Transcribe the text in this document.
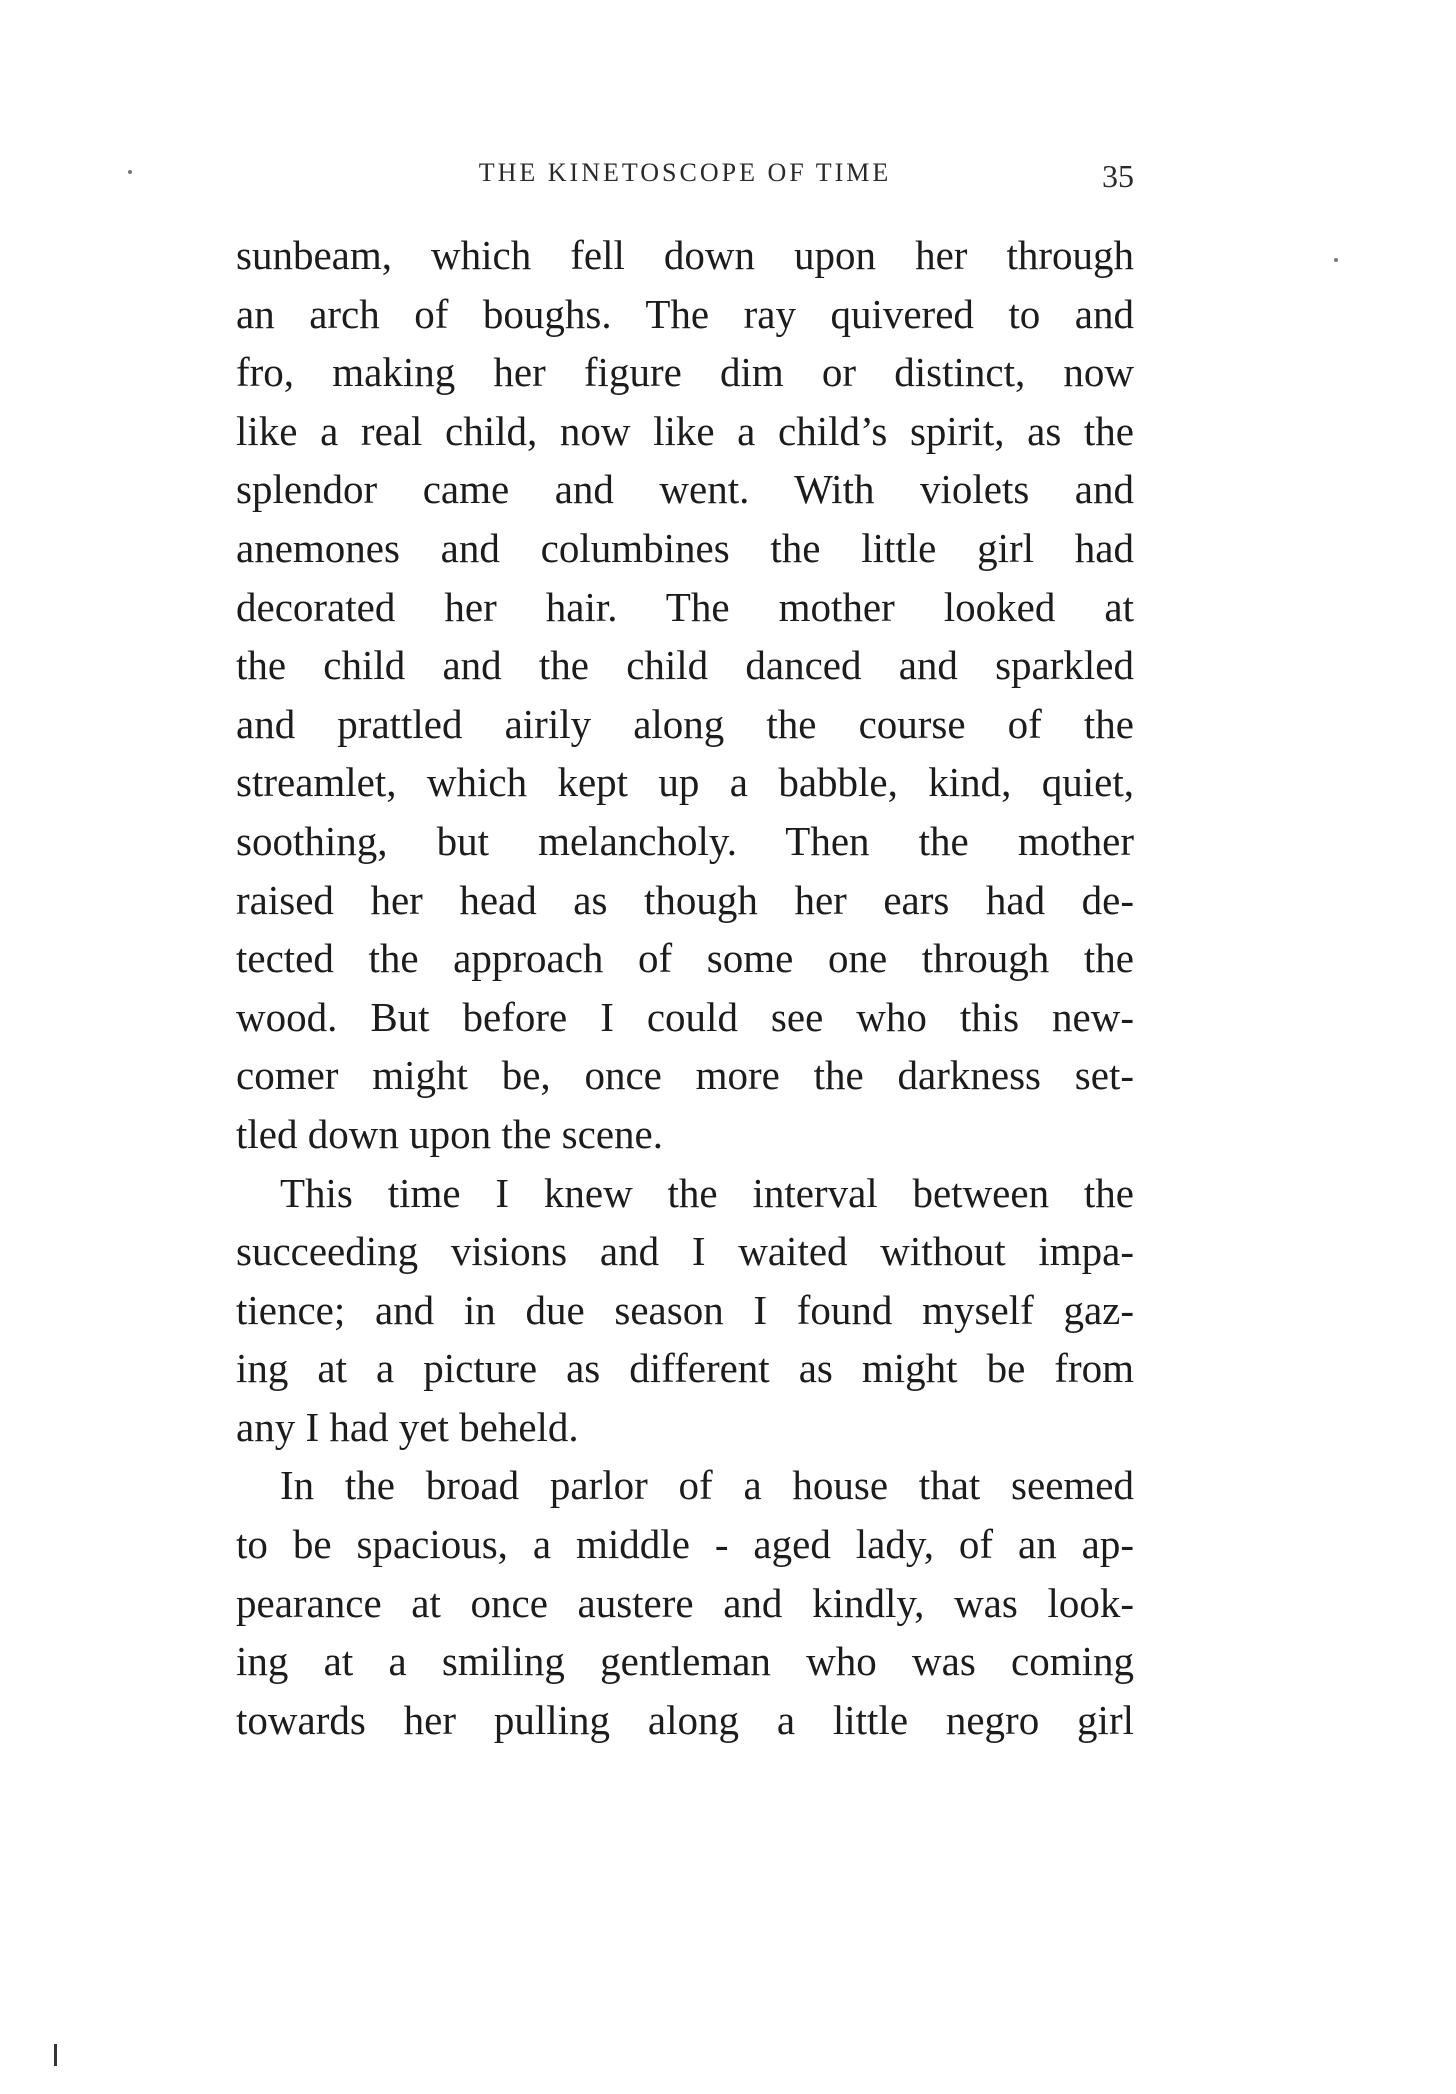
THE KINETOSCOPE OF TIME	35
sunbeam, which fell down upon her through
an arch of boughs. The ray quivered to and
fro, making her figure dim or distinct, now
like a real child, now like a child’s spirit, as the
splendor came and went. With violets and
anemones and columbines the little girl had
decorated her hair. The mother looked at
the child and the child danced and sparkled
and prattled airily along the course of the
streamlet, which kept up a babble, kind, quiet,
soothing, but melancholy. Then the mother
raised her head as though her ears had de-
tected the approach of some one through the
wood. But before I could see who this new-
comer might be, once more the darkness set-
tled down upon the scene.
This time I knew the interval between the
succeeding visions and I waited without impa-
tience; and in due season I found myself gaz-
ing at a picture as different as might be from
any I had yet beheld.
In the broad parlor of a house that seemed
to be spacious, a middle - aged lady, of an ap-
pearance at once austere and kindly, was look-
ing at a smiling gentleman who was coming
towards her pulling along a little negro girl
